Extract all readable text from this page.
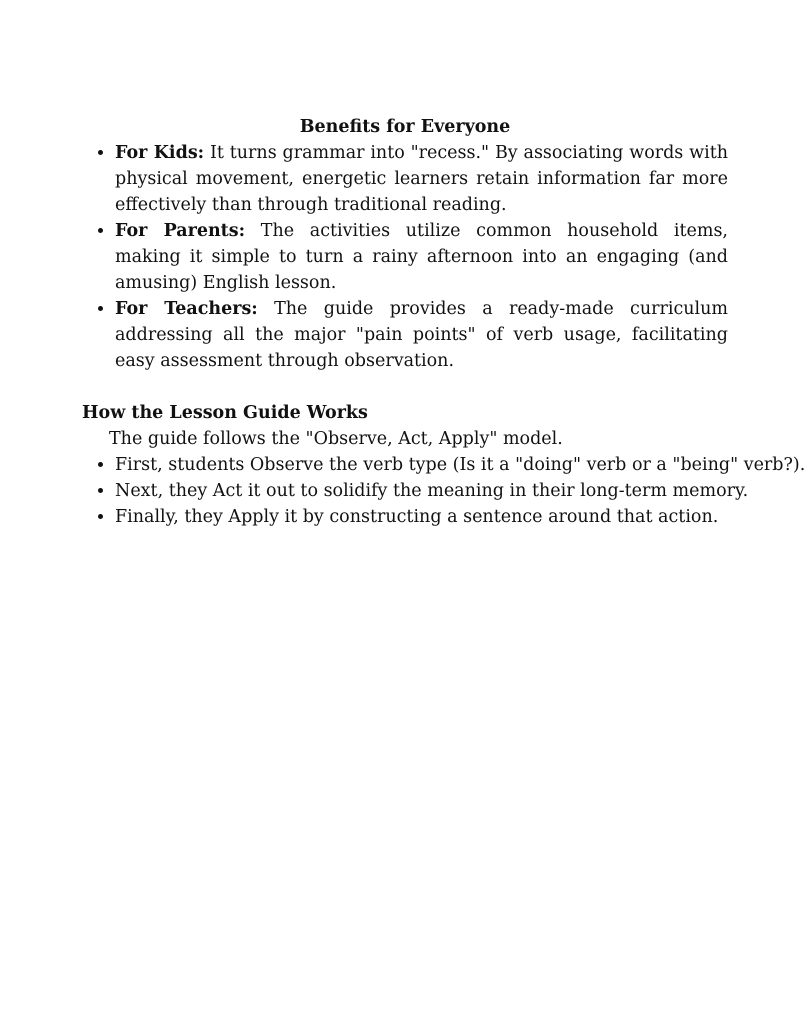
Benefits for Everyone

• For Kids: It turns grammar into "recess." By associating words with physical movement, energetic learners retain information far more effectively than through traditional reading.
• For Parents: The activities utilize common household items, making it simple to turn a rainy afternoon into an engaging (and amusing) English lesson.
• For Teachers: The guide provides a ready-made curriculum addressing all the major "pain points" of verb usage, facilitating easy assessment through observation.

How the Lesson Guide Works

The guide follows the "Observe, Act, Apply" model.

• First, students Observe the verb type (Is it a "doing" verb or a "being" verb?).
• Next, they Act it out to solidify the meaning in their long-term memory.
• Finally, they Apply it by constructing a sentence around that action.
